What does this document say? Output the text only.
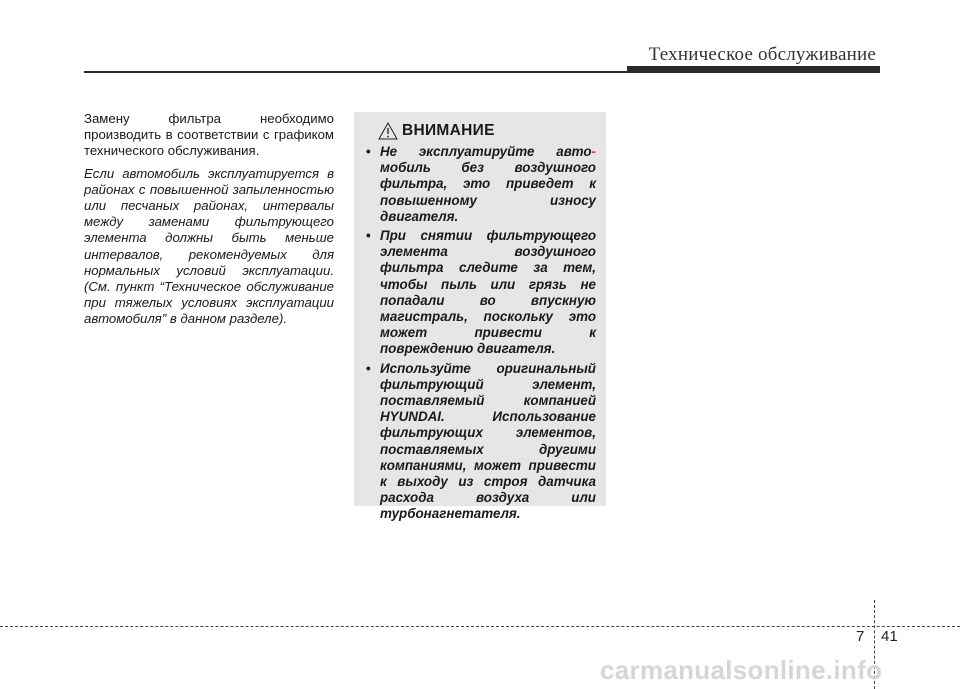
Техническое обслуживание

Замену фильтра необходимо производить в соответствии с графиком технического обслуживания.

Если автомобиль эксплуатируется в районах с повышенной запыленностью или песчаных районах, интервалы между заменами фильтрующего элемента должны быть меньше интервалов, рекомендуемых для нормальных условий эксплуатации. (См. пункт “Техническое обслуживание при тяжелых условиях эксплуатации автомобиля” в данном разделе).

ВНИМАНИЕ
• Не эксплуатируйте авто- мобиль без воздушного фильтра, это приведет к повышенному износу двигателя.
• При снятии фильтрующего элемента воздушного фильтра следите за тем, чтобы пыль или грязь не попадали во впускную магистраль, поскольку это может привести к повреждению двигателя.
• Используйте оригинальный фильтрующий элемент, поставляемый компанией HYUNDAI. Использование фильтрующих элементов, поставляемых другими компаниями, может привести к выходу из строя датчика расхода воздуха или турбонагнетателя.
7 41
carmanualsonline.info
